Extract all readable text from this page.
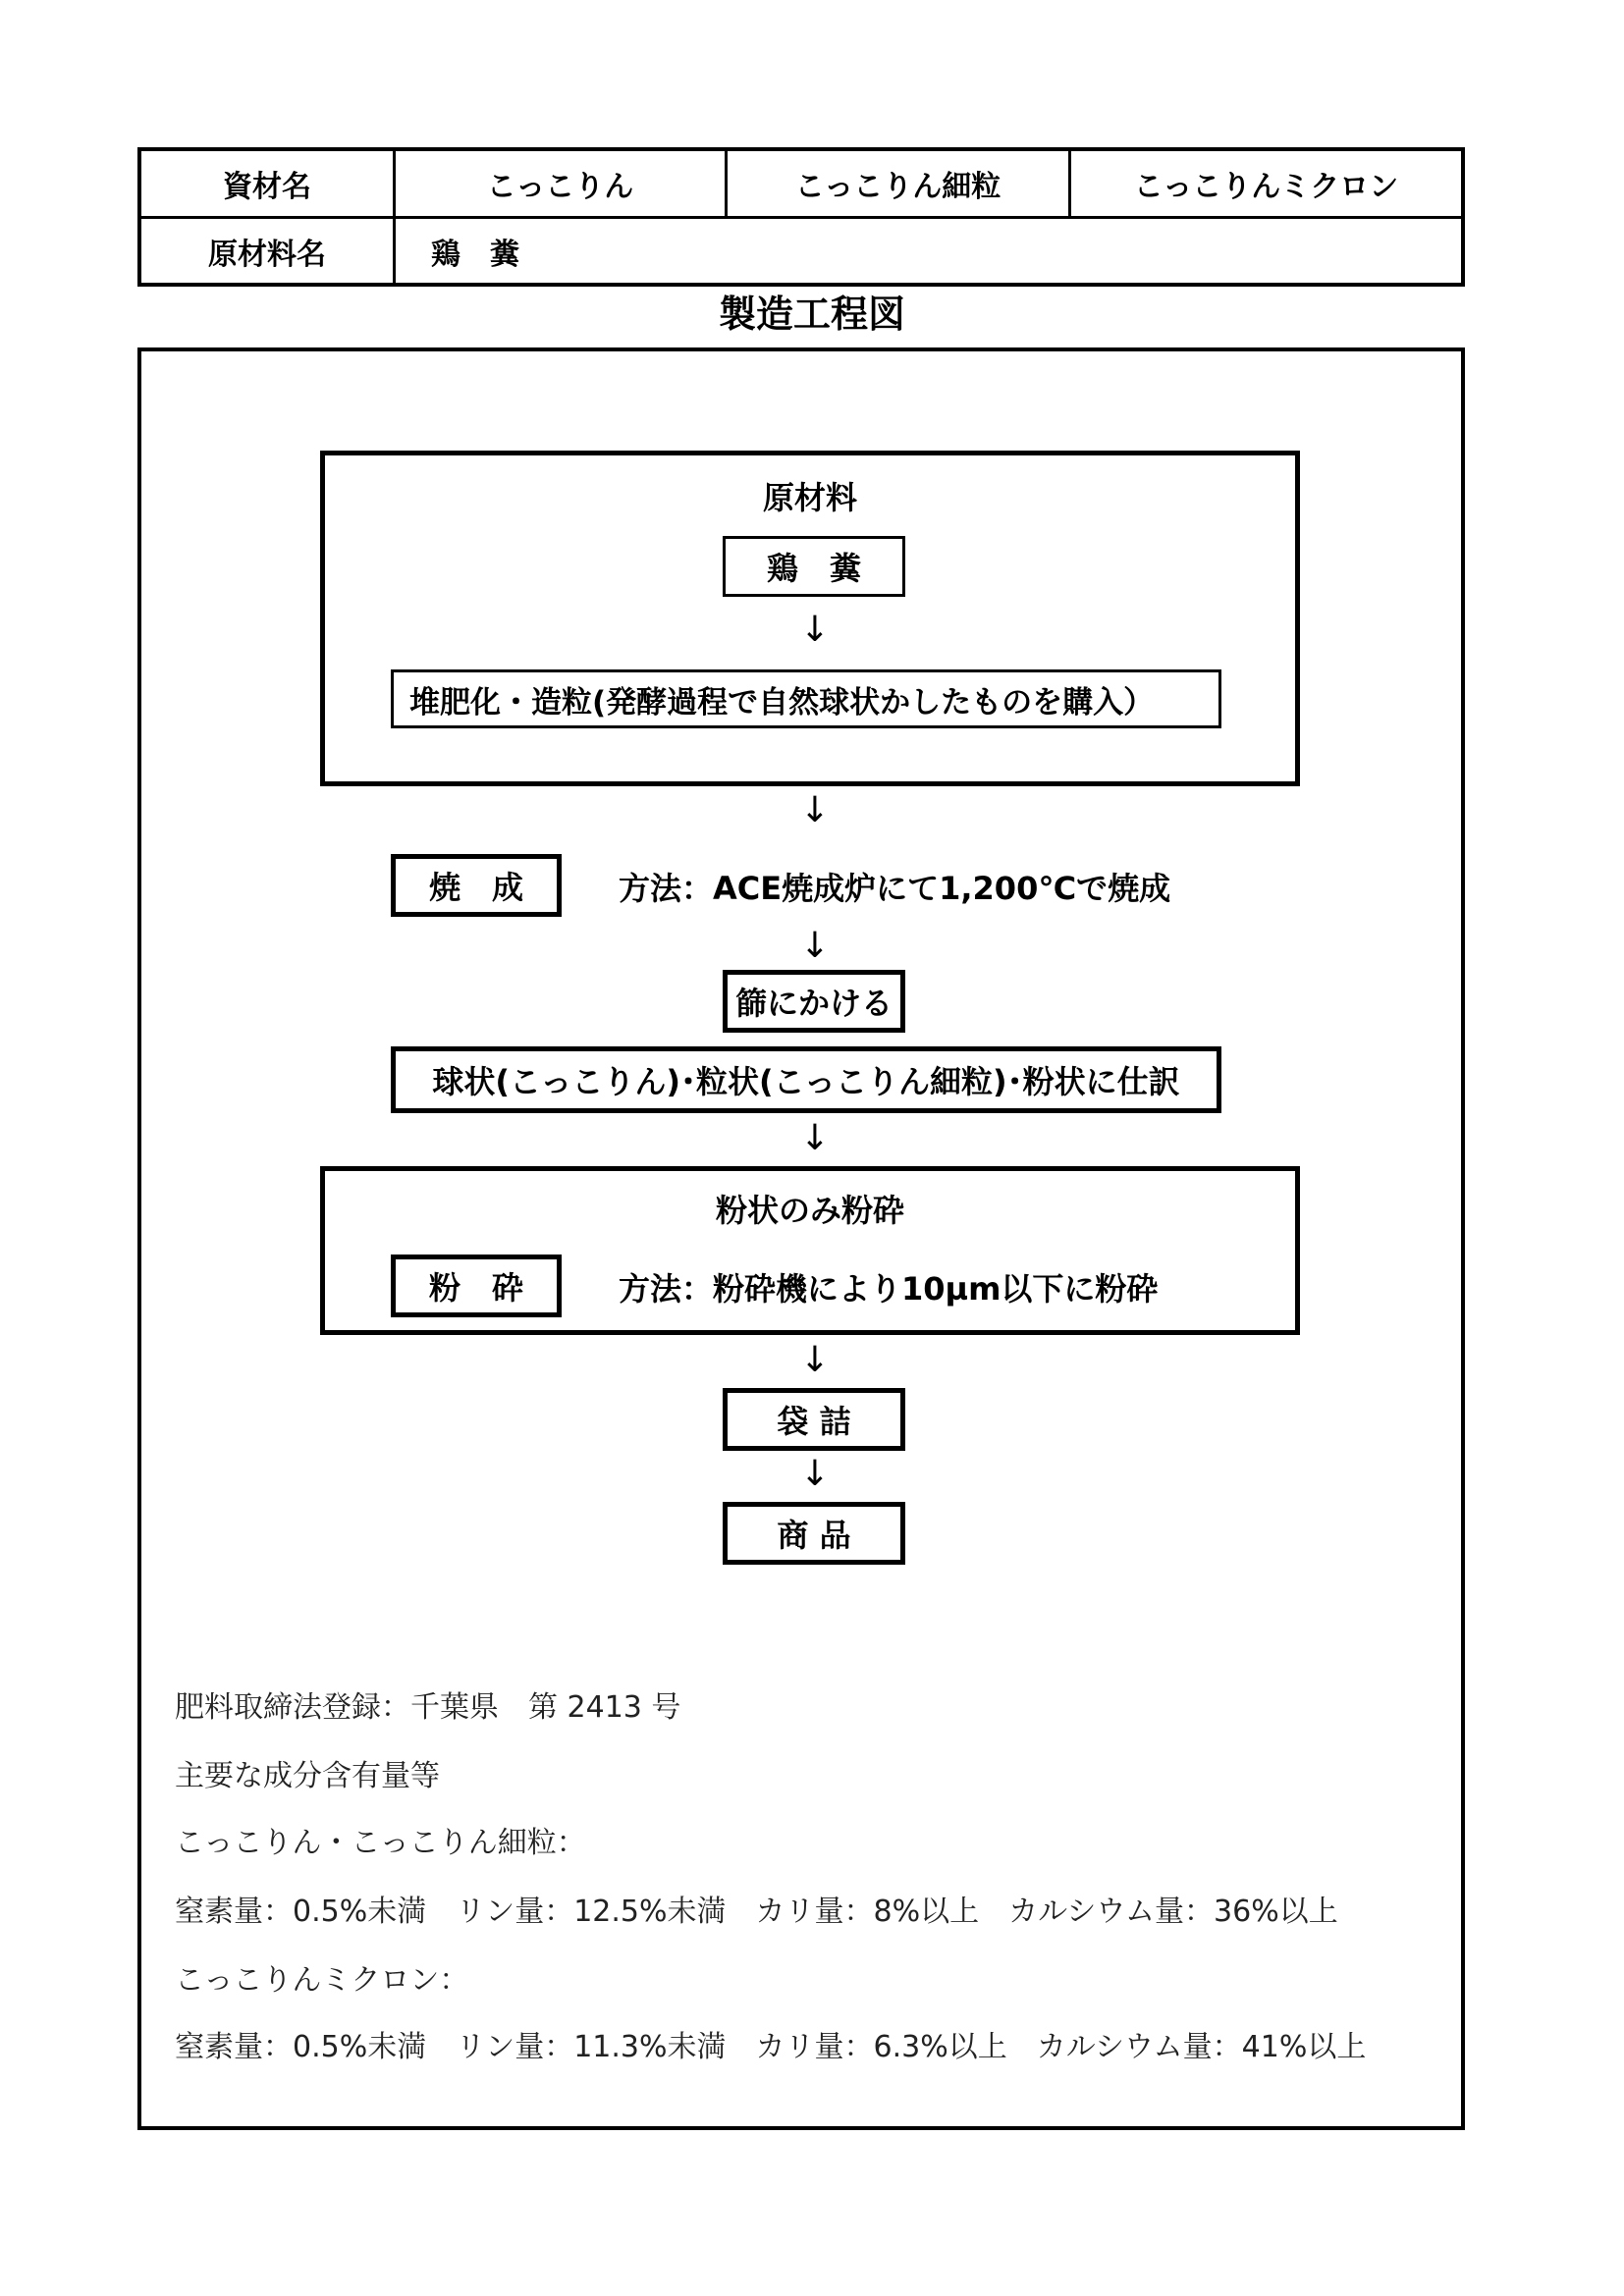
資材名	こっこりん	こっこりん細粒	こっこりんミクロン
原材料名	鶏　糞
製造工程図
原材料
鶏　糞
↓
堆肥化・造粒(発酵過程で自然球状かしたものを購入）
↓
焼　成	方法：ACE焼成炉にて1,200℃で焼成
↓
篩にかける
球状(こっこりん)･粒状(こっこりん細粒)･粉状に仕訳
↓
粉状のみ粉砕
粉　砕	方法：粉砕機により10µm以下に粉砕
↓
袋 詰
↓
商 品
肥料取締法登録：千葉県　第 2413 号
主要な成分含有量等
こっこりん・こっこりん細粒：
窒素量：0.5%未満　リン量：12.5%未満　カリ量：8%以上　カルシウム量：36%以上
こっこりんミクロン：
窒素量：0.5%未満　リン量：11.3%未満　カリ量：6.3%以上　カルシウム量：41%以上
